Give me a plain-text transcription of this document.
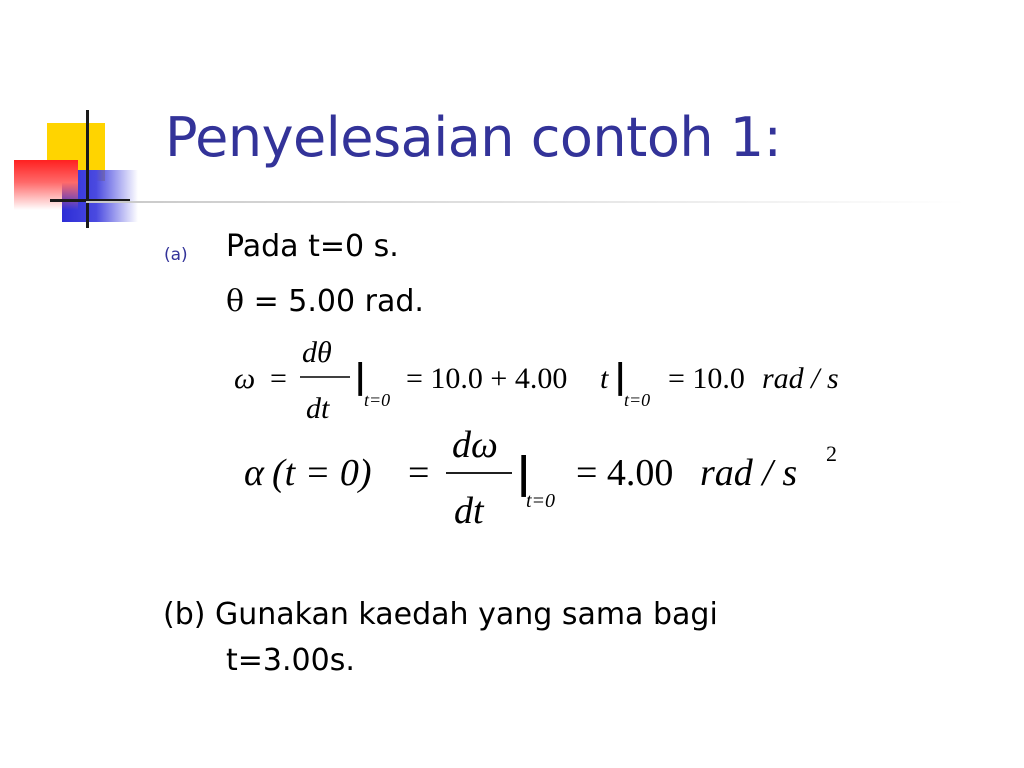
Penyelesaian contoh 1:
(a) Pada t=0 s.
θ = 5.00 rad.
ω =
dθ
dt
|
t=0
= 10.0 + 4.00 t |
t=0
= 10.0 rad / s
α (t = 0) =
dω
dt
|
t=0
= 4.00 rad / s 2
(b) Gunakan kaedah yang sama bagi
t=3.00s.
